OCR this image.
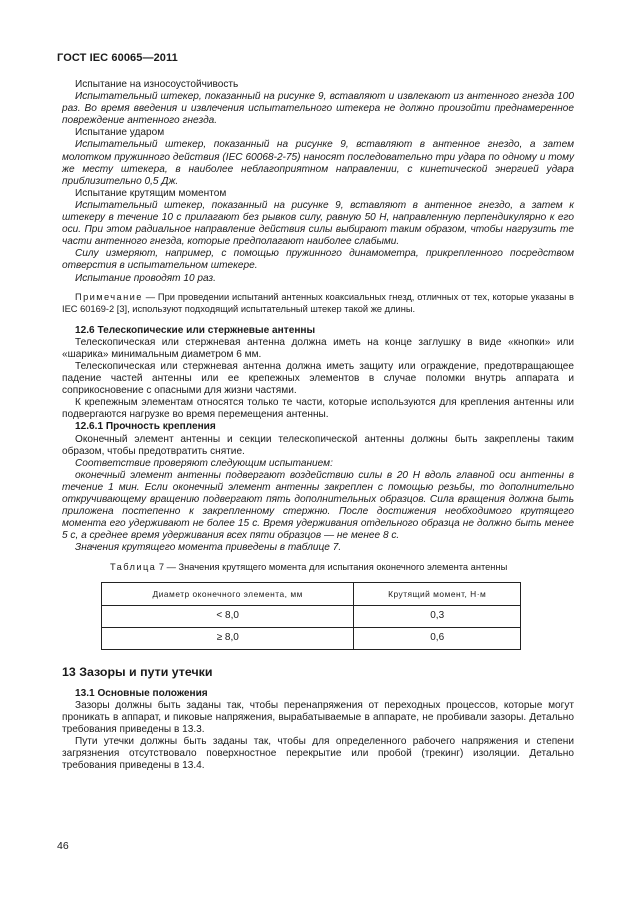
ГОСТ IEC 60065—2011

Испытание на износоустойчивость

Испытательный штекер, показанный на рисунке 9, вставляют и извлекают из антенного гнезда 100 раз. Во время введения и извлечения испытательного штекера не должно произойти преднамеренное повреждение антенного гнезда.

Испытание ударом

Испытательный штекер, показанный на рисунке 9, вставляют в антенное гнездо, а затем молотком пружинного действия (IEC 60068-2-75) наносят последовательно три удара по одному и тому же месту штекера, в наиболее неблагоприятном направлении, с кинетической энергией удара приблизительно 0,5 Дж.

Испытание крутящим моментом

Испытательный штекер, показанный на рисунке 9, вставляют в антенное гнездо, а затем к штекеру в течение 10 с прилагают без рывков силу, равную 50 Н, направленную перпендикулярно к его оси. При этом радиальное направление действия силы выбирают таким образом, чтобы нагрузить те части антенного гнезда, которые предполагают наиболее слабыми.

Силу измеряют, например, с помощью пружинного динамометра, прикрепленного посредством отверстия в испытательном штекере.

Испытание проводят 10 раз.

Примечание — При проведении испытаний антенных коаксиальных гнезд, отличных от тех, которые указаны в IEC 60169-2 [3], используют подходящий испытательный штекер такой же длины.

12.6 Телескопические или стержневые антенны

Телескопическая или стержневая антенна должна иметь на конце заглушку в виде «кнопки» или «шарика» минимальным диаметром 6 мм.

Телескопическая или стержневая антенна должна иметь защиту или ограждение, предотвращающее падение частей антенны или ее крепежных элементов в случае поломки внутрь аппарата и соприкосновение с опасными для жизни частями.

К крепежным элементам относятся только те части, которые используются для крепления антенны или подвергаются нагрузке во время перемещения антенны.

12.6.1 Прочность крепления

Оконечный элемент антенны и секции телескопической антенны должны быть закреплены таким образом, чтобы предотвратить снятие.

Соответствие проверяют следующим испытанием:

оконечный элемент антенны подвергают воздействию силы в 20 Н вдоль главной оси антенны в течение 1 мин. Если оконечный элемент антенны закреплен с помощью резьбы, то дополнительно откручивающему вращению подвергают пять дополнительных образцов. Сила вращения должна быть приложена постепенно к закрепленному стержню. После достижения необходимого крутящего момента его удерживают не более 15 с. Время удерживания отдельного образца не должно быть менее 5 с, а среднее время удерживания всех пяти образцов — не менее 8 с.

Значения крутящего момента приведены в таблице 7.

Таблица 7 — Значения крутящего момента для испытания оконечного элемента антенны
Диаметр оконечного элемента, мм	Крутящий момент, Н·м
< 8,0	0,3
≥ 8,0	0,6
13 Зазоры и пути утечки
13.1 Основные положения

Зазоры должны быть заданы так, чтобы перенапряжения от переходных процессов, которые могут проникать в аппарат, и пиковые напряжения, вырабатываемые в аппарате, не пробивали зазоры. Детально требования приведены в 13.3.

Пути утечки должны быть заданы так, чтобы для определенного рабочего напряжения и степени загрязнения отсутствовало поверхностное перекрытие или пробой (трекинг) изоляции. Детально требования приведены в 13.4.

46
